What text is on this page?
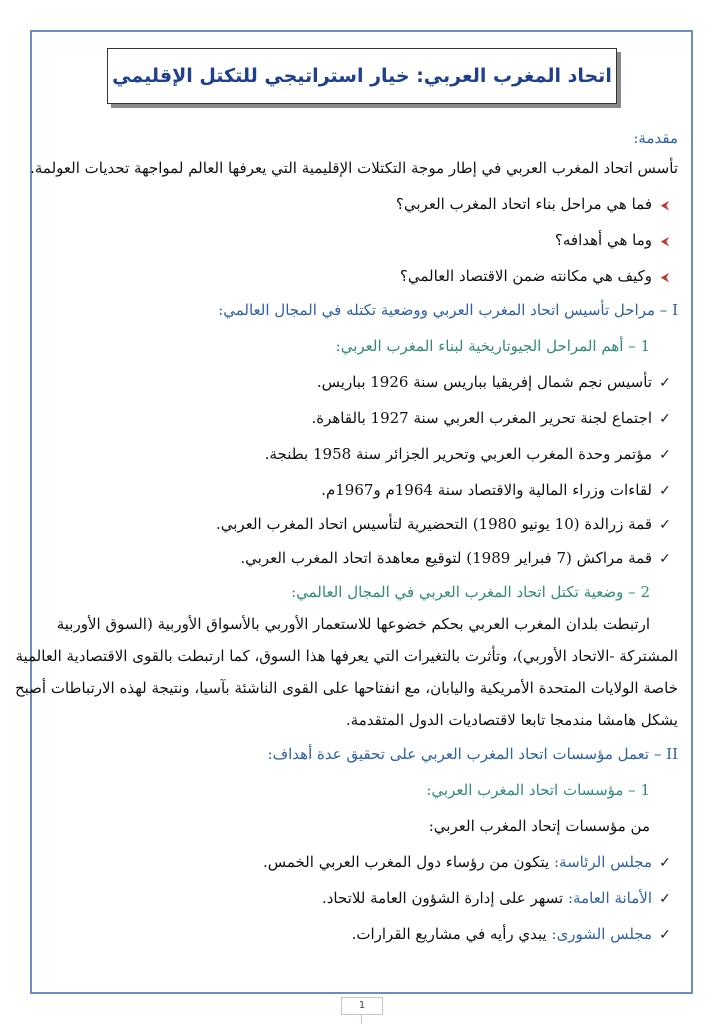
اتحاد المغرب العربي: خيار استراتيجي للتكتل الإقليمي
مقدمة:
تأسس اتحاد المغرب العربي في إطار موجة التكتلات الإقليمية التي يعرفها العالم لمواجهة تحديات العولمة.
⮜فما هي مراحل بناء اتحاد المغرب العربي؟
⮜وما هي أهدافه؟
⮜وكيف هي مكانته ضمن الاقتصاد العالمي؟
I – مراحل تأسيس اتحاد المغرب العربي ووضعية تكتله في المجال العالمي:
1 – أهم المراحل الجيوتاريخية لبناء المغرب العربي:
✓تأسيس نجم شمال إفريقيا بباريس سنة 1926 بباريس.
✓اجتماع لجنة تحرير المغرب العربي سنة 1927 بالقاهرة.
✓مؤتمر وحدة المغرب العربي وتحرير الجزائر سنة 1958 بطنجة.
✓لقاءات وزراء المالية والاقتصاد سنة 1964م و1967م.
✓قمة زرالدة (10 يونيو 1980) التحضيرية لتأسيس اتحاد المغرب العربي.
✓قمة مراكش (7 فبراير 1989) لتوقيع معاهدة اتحاد المغرب العربي.
2 – وضعية تكتل اتحاد المغرب العربي في المجال العالمي:
ارتبطت بلدان المغرب العربي بحكم خضوعها للاستعمار الأوربي بالأسواق الأوربية (السوق الأوربية
المشتركة -الاتحاد الأوربي)، وتأثرت بالتغيرات التي يعرفها هذا السوق، كما ارتبطت بالقوى الاقتصادية العالمية
خاصة الولايات المتحدة الأمريكية واليابان، مع انفتاحها على القوى الناشئة بآسيا، ونتيجة لهذه الارتباطات أصبح
يشكل هامشا مندمجا تابعا لاقتصاديات الدول المتقدمة.
II – تعمل مؤسسات اتحاد المغرب العربي على تحقيق عدة أهداف:
1 – مؤسسات اتحاد المغرب العربي:
من مؤسسات إتحاد المغرب العربي:
✓مجلس الرئاسة: يتكون من رؤساء دول المغرب العربي الخمس.
✓الأمانة العامة: تسهر على إدارة الشؤون العامة للاتحاد.
✓مجلس الشورى: يبدي رأيه في مشاريع القرارات.
1
